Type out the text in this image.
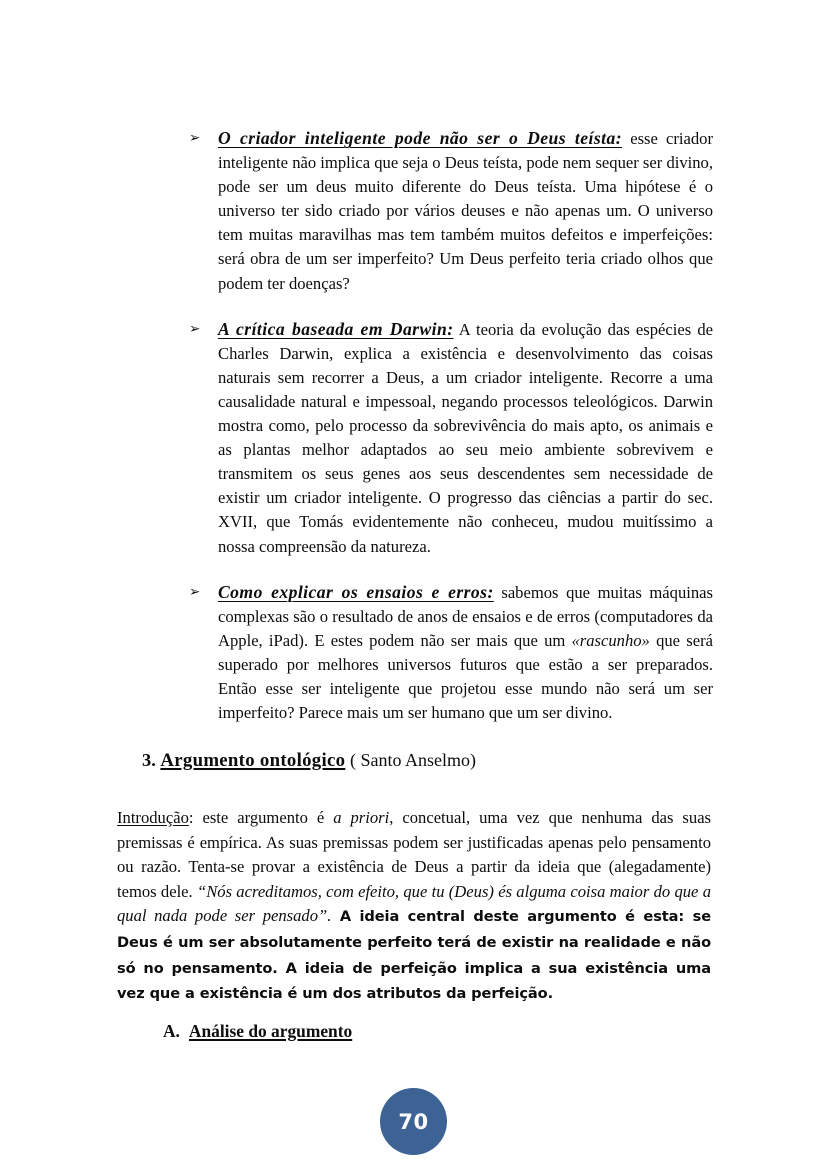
➢ O criador inteligente pode não ser o Deus teísta: esse criador inteligente não implica que seja o Deus teísta, pode nem sequer ser divino, pode ser um deus muito diferente do Deus teísta. Uma hipótese é o universo ter sido criado por vários deuses e não apenas um. O universo tem muitas maravilhas mas tem também muitos defeitos e imperfeições: será obra de um ser imperfeito? Um Deus perfeito teria criado olhos que podem ter doenças?
➢ A crítica baseada em Darwin: A teoria da evolução das espécies de Charles Darwin, explica a existência e desenvolvimento das coisas naturais sem recorrer a Deus, a um criador inteligente. Recorre a uma causalidade natural e impessoal, negando processos teleológicos. Darwin mostra como, pelo processo da sobrevivência do mais apto, os animais e as plantas melhor adaptados ao seu meio ambiente sobrevivem e transmitem os seus genes aos seus descendentes sem necessidade de existir um criador inteligente. O progresso das ciências a partir do sec. XVII, que Tomás evidentemente não conheceu, mudou muitíssimo a nossa compreensão da natureza.
➢ Como explicar os ensaios e erros: sabemos que muitas máquinas complexas são o resultado de anos de ensaios e de erros (computadores da Apple, iPad). E estes podem não ser mais que um «rascunho» que será superado por melhores universos futuros que estão a ser preparados. Então esse ser inteligente que projetou esse mundo não será um ser imperfeito? Parece mais um ser humano que um ser divino.
3. Argumento ontológico ( Santo Anselmo)
Introdução: este argumento é a priori, concetual, uma vez que nenhuma das suas premissas é empírica. As suas premissas podem ser justificadas apenas pelo pensamento ou razão. Tenta-se provar a existência de Deus a partir da ideia que (alegadamente) temos dele. “Nós acreditamos, com efeito, que tu (Deus) és alguma coisa maior do que a qual nada pode ser pensado”. A ideia central deste argumento é esta: se Deus é um ser absolutamente perfeito terá de existir na realidade e não só no pensamento. A ideia de perfeição implica a sua existência uma vez que a existência é um dos atributos da perfeição.
A. Análise do argumento
70
